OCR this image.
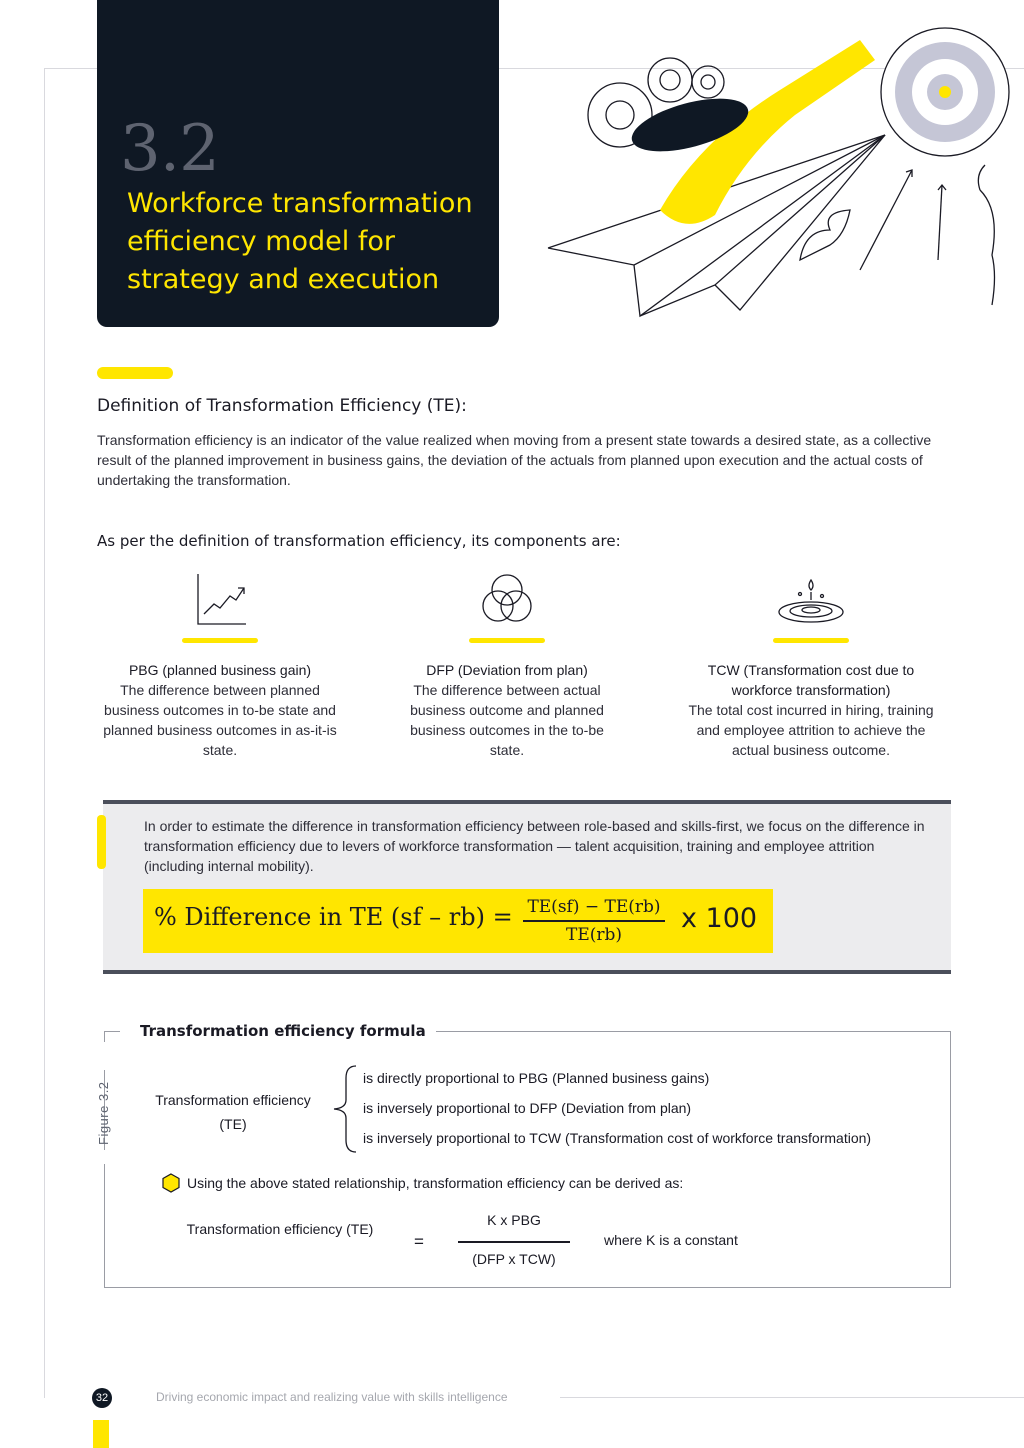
3.2
Workforce transformation efficiency model for strategy and execution
Definition of Transformation Efficiency (TE):
Transformation efficiency is an indicator of the value realized when moving from a present state towards a desired state, as a collective result of the planned improvement in business gains, the deviation of the actuals from planned upon execution and the actual costs of undertaking the transformation.
As per the definition of transformation efficiency, its components are:
PBG (planned business gain)
The difference between planned business outcomes in to-be state and planned business outcomes in as-it-is state.
DFP (Deviation from plan)
The difference between actual business outcome and planned business outcomes in the to-be state.
TCW (Transformation cost due to workforce transformation)
The total cost incurred in hiring, training and employee attrition to achieve the actual business outcome.
In order to estimate the difference in transformation efficiency between role-based and skills-first, we focus on the difference in transformation efficiency due to levers of workforce transformation — talent acquisition, training and employee attrition (including internal mobility).
% Difference in TE (sf – rb) = TE(sf) − TE(rb)
TE(rb)
x 100
Transformation efficiency formula
Figure 3.2	Transformation efficiency (TE)
is directly proportional to PBG (Planned business gains)
is inversely proportional to DFP (Deviation from plan)
is inversely proportional to TCW (Transformation cost of workforce transformation)
Using the above stated relationship, transformation efficiency can be derived as:
Transformation efficiency (TE)
=
K x PBG
(DFP x TCW)
where K is a constant
32	Driving economic impact and realizing value with skills intelligence
